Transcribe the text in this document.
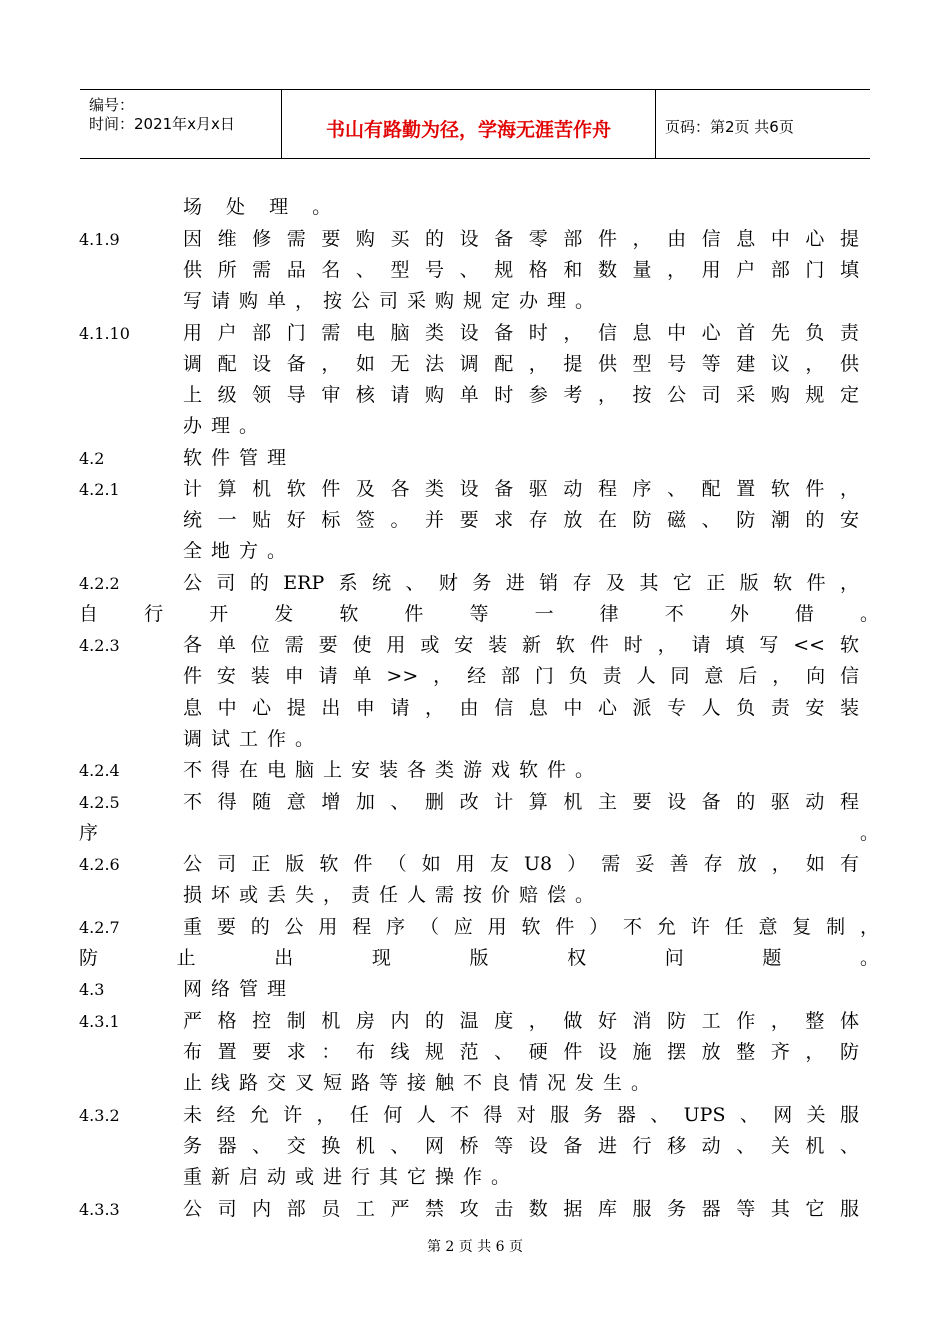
编号：
时间：2021年x月x日	书山有路勤为径，学海无涯苦作舟	页码：第2页 共6页
场 处 理 。
4.1.9	因维修需要购买的设备零部件，由信息中心提
供所需品名、型号、规格和数量，用户部门填
写请购单，按公司采购规定办理。
4.1.10	用户部门需电脑类设备时，信息中心首先负责
调配设备，如无法调配，提供型号等建议，供
上级领导审核请购单时参考，按公司采购规定
办理。
4.2	软件管理
4.2.1	计算机软件及各类设备驱动程序、配置软件，
统一贴好标签。并要求存放在防磁、防潮的安
全地方。
4.2.2	公司的ERP系统、财务进销存及其它正版软件，
自行开发软件等一律不外借。
4.2.3	各单位需要使用或安装新软件时，请填写<<软
件安装申请单>>，经部门负责人同意后，向信
息中心提出申请，由信息中心派专人负责安装
调试工作。
4.2.4	不得在电脑上安装各类游戏软件。
4.2.5	不得随意增加、删改计算机主要设备的驱动程
序。
4.2.6	公司正版软件（如用友U8）需妥善存放，如有
损坏或丢失，责任人需按价赔偿。
4.2.7	重要的公用程序（应用软件）不允许任意复制，
防止出现版权问题。
4.3	网络管理
4.3.1	严格控制机房内的温度，做好消防工作，整体
布置要求：布线规范、硬件设施摆放整齐，防
止线路交叉短路等接触不良情况发生。
4.3.2	未经允许，任何人不得对服务器、UPS、网关服
务器、交换机、网桥等设备进行移动、关机、
重新启动或进行其它操作。
4.3.3	公司内部员工严禁攻击数据库服务器等其它服
第 2 页 共 6 页
